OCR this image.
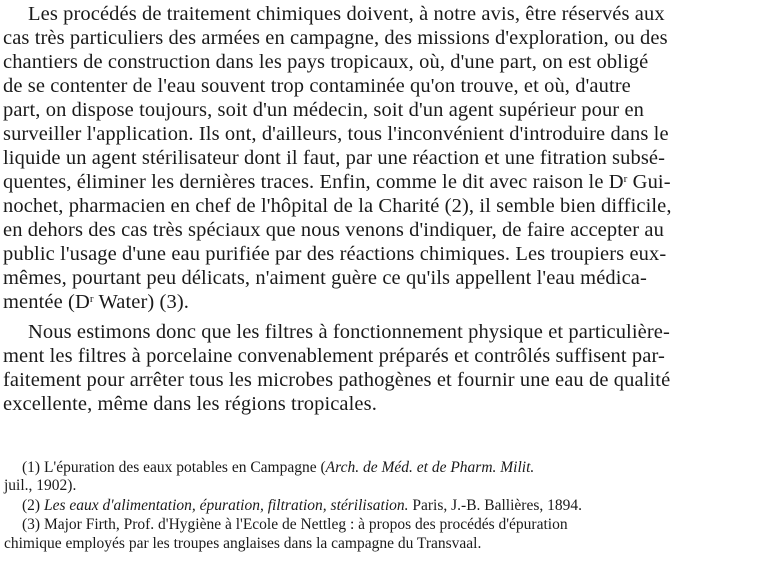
Les procédés de traitement chimiques doivent, à notre avis, être réservés aux
cas très particuliers des armées en campagne, des missions d'exploration, ou des
chantiers de construction dans les pays tropicaux, où, d'une part, on est obligé
de se contenter de l'eau souvent trop contaminée qu'on trouve, et où, d'autre
part, on dispose toujours, soit d'un médecin, soit d'un agent supérieur pour en
surveiller l'application. Ils ont, d'ailleurs, tous l'inconvénient d'introduire dans le
liquide un agent stérilisateur dont il faut, par une réaction et une fitration subsé-
quentes, éliminer les dernières traces. Enfin, comme le dit avec raison le $D^r$ Gui-
nochet, pharmacien en chef de l'hôpital de la Charité (2), il semble bien difficile,
en dehors des cas très spéciaux que nous venons d'indiquer, de faire accepter au
public l'usage d'une eau purifiée par des réactions chimiques. Les troupiers eux-
mêmes, pourtant peu délicats, n'aiment guère ce qu'ils appellent l'eau médica-
mentée ($D^r$ Water) (3).
Nous estimons donc que les filtres à fonctionnement physique et particulière-
ment les filtres à porcelaine convenablement préparés et contrôlés suffisent par-
faitement pour arrêter tous les microbes pathogènes et fournir une eau de qualité
excellente, même dans les régions tropicales.
(1) L'épuration des eaux potables en Campagne (Arch. de Méd. et de Pharm. Milit.
juil., 1902).
(2) Les eaux d'alimentation, épuration, filtration, stérilisation. Paris, J.-B. Ballières, 1894.
(3) Major Firth, Prof. d'Hygiène à l'Ecole de Nettleg : à propos des procédés d'épuration
chimique employés par les troupes anglaises dans la campagne du Transvaal.
